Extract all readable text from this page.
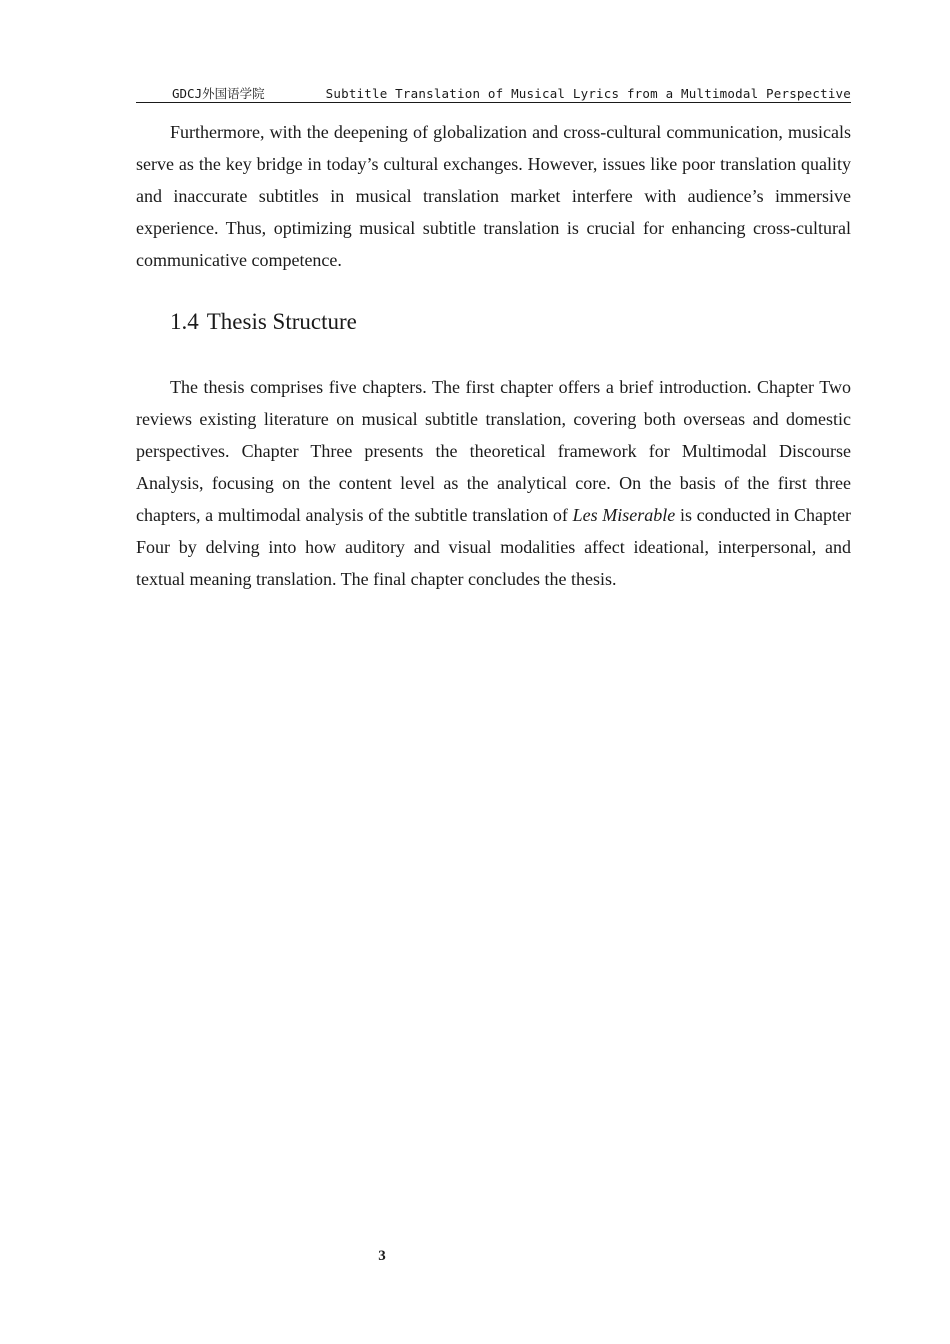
GDCJ外国语学院	Subtitle Translation of Musical Lyrics from a Multimodal Perspective

Furthermore, with the deepening of globalization and cross-cultural communication, musicals serve as the key bridge in today’s cultural exchanges. However, issues like poor translation quality and inaccurate subtitles in musical translation market interfere with audience’s immersive experience. Thus, optimizing musical subtitle translation is crucial for enhancing cross-cultural communicative competence.

1.4 Thesis Structure

The thesis comprises five chapters. The first chapter offers a brief introduction. Chapter Two reviews existing literature on musical subtitle translation, covering both overseas and domestic perspectives. Chapter Three presents the theoretical framework for Multimodal Discourse Analysis, focusing on the content level as the analytical core. On the basis of the first three chapters, a multimodal analysis of the subtitle translation of Les Miserable is conducted in Chapter Four by delving into how auditory and visual modalities affect ideational, interpersonal, and textual meaning translation. The final chapter concludes the thesis.

3
